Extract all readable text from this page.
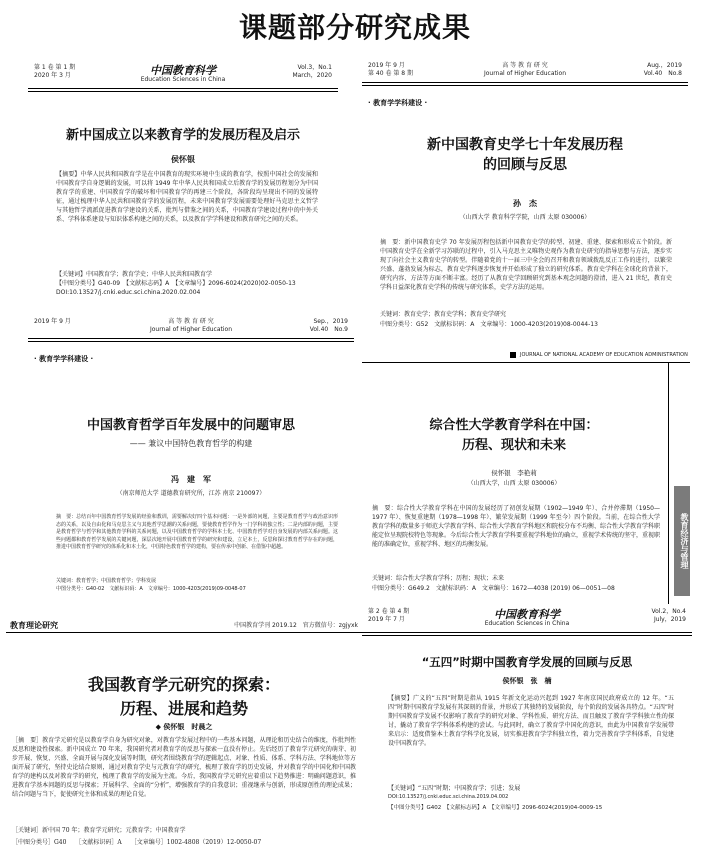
课题部分研究成果
第 1 卷 第 1 期
2020 年 3 月	中国教育科学
Education Sciences in China
Vol.3，No.1
March，2020
新中国成立以来教育学的发展历程及启示
侯怀银
【摘要】中华人民共和国教育学是在中国教育的现实环境中生成的教育学，按照中国社会的发展和中国教育学自身逻辑的发展，可以将 1949 年中华人民共和国成立后教育学的发展历程划分为中国教育学的重建、中国教育学的破坏和中国教育学的再建三个阶段，各阶段均呈现出不同的发展特征，通过梳理中华人民共和国教育学的发展历程，未来中国教育学发展需要处理好马克思主义哲学与其他哲学流派促进教育学建设的关系，批判与借鉴之间的关系，中国教育学建设过程中的中外关系、学科体系建设与知识体系构建之间的关系，以及教育学学科建设和教育研究之间的关系。
【关键词】中国教育学；教育学史；中华人民共和国教育学
【中图分类号】G40-09　【文献标志码】A　【文章编号】2096-6024(2020)02-0050-13
DOI:10.13527/j.cnki.educ.sci.china.2020.02.004
2019 年 9 月
第 40 卷 第 8 期
高 等 教 育 研 究
Journal of Higher Education
Aug.，2019
Vol.40　No.8
· 教育学学科建设 ·
新中国教育史学七十年发展历程
的回顾与反思
孙　杰
（山西大学 教育科学学院，山西 太原 030006）
摘　要：新中国教育史学 70 年发展历程包括新中国教育史学的转型、初建、重建、探索和形成五个阶段。新中国教育史学在全新学习苏联的过程中，引入马克思主义唯物史观作为教育史研究的指导思想与方法，逐步实现了向社会主义教育史学的转型。伴随着党的十一届三中全会的召开和教育领域拨乱反正工作的进行，以繁荣兴盛、蓬勃发展为标志，教育史学科逐步恢复并开始形成了独立的研究体系。教育史学科在全球化的背景下，研究内容、方法等方面不断丰富。经历了从教育史学回顾研究到基本观念问题的澄清，进入 21 世纪，教育史学科日益深化教育史学科的传统与研究体系，史学方法的运用。
关键词：教育史学；教育史学科；教育史学研究
中图分类号：G52　文献标识码：A　文章编号：1000-4203(2019)08-0044-13
2019 年 9 月	高 等 教 育 研 究
Journal of Higher Education
Sep.，2019
Vol.40　No.9
· 教育学学科建设 ·
中国教育哲学百年发展中的问题审思
—— 兼议中国特色教育哲学的构建
冯　建　军
（南京师范大学 道德教育研究所，江苏 南京 210097）
摘　要：总结百年中国教育哲学发展的经验和教训，需要解决好四个基本问题：一是外部的问题，主要是教育哲学与政治意识形态的关系，以及自由化和马克思主义与其他哲学思潮的关系问题，要使教育哲学作为一门学科的独立性；二是内部的问题，主要是教育哲学与哲学和其他教育学科的关系问题，以及中国教育哲学的学科本土化、中国教育哲学对自身发展的内部关系问题。这些问题都和教育哲学发展的关键问题，深层次地开展中国教育哲学的研究和建设，立足本土，反思和探讨教育哲学存在的问题，推进中国教育哲学研究的体系化和本土化，中国特色教育哲学的建构，要在传承中创新、在借鉴中超越。
关键词：教育哲学；中国教育哲学；学科发展
中图分类号：G40-02　文献标识码：A　文章编号：1000-4203(2019)09-0048-07
JOURNAL OF NATIONAL ACADEMY OF EDUCATION ADMINISTRATION
教育经济与管理
综合性大学教育学科在中国：
历程、现状和未来
侯怀银　李艳莉
（山西大学，山西 太原 030006）
摘　要：综合性大学教育学科在中国的发展经历了初创发展期（1902—1949 年）、合并停滞期（1950—1977 年）、恢复重建期（1978—1998 年）、繁荣发展期（1999 年至今）四个阶段。当前，在综合性大学教育学科的数量多于师范大学教育学科、综合性大学教育学科地区和院校分布不均衡、综合性大学教育学科职能定位呈现院校特色等现象。今后综合性大学教育学科要重视学科地位的确立，重视学术传统的坚守，重视职能的准确定位，重视学科、地区的均衡发展。
关键词：综合性大学教育学科；历程；现状；未来
中图分类号：G649.2　文献标识码：A　文章编号：1672—4038 (2019) 06—0051—08
教育理论研究	中国教育学刊 2019.12　官方微信号：zgjyxk
我国教育学元研究的探索：
历程、进展和趋势
◆ 侯怀银　时晨之
［摘　要］教育学元研究是以教育学自身为研究对象，对教育学发展过程中的一些基本问题，从理论和历史结合的维度，作批判性反思和建设性探索。新中国成立 70 年来，我国研究者对教育学的反思与探索一直没有停止。先后经历了教育学元研究的萌芽、初步开展、恢复、兴盛、全面开展与深化发展等时期，研究者围绕教育学的逻辑起点、对象、性质、体系、学科方法、学科地位等方面开展了研究，坚持史论结合原则，通过对教育学史与元教育学的研究，梳理了教育学的历史发展，并对教育学的中国化和中国教育学的建构以及对教育学的研究，梳理了教育学的发展为主流。今后，我国教育学元研究应着重以下趋势推进：明确问题意识，推进教育学基本问题的反思与探索；开展科学、全面的“分析”，增强教育学的自我意识；重视继承与创新，形成原创性的理论成果；结合问题与当下，促使研究主体和成果的理论自觉。
［关键词］新中国 70 年；教育学元研究；元教育学；中国教育学
［中图分类号］G40　　［文献标识码］A　　［文章编号］1002-4808（2019）12-0050-07
第 2 卷 第 4 期
2019 年 7 月	中国教育科学
Education Sciences in China
Vol.2，No.4
July，2019
“五四”时期中国教育学发展的回顾与反思
侯怀银　张　楠
【摘要】广义的“五四”时期是指从 1915 年新文化运动兴起到 1927 年南京国民政府成立的 12 年。“五四”时期中国教育学发展有其深刻的背景，并形成了其独特的发展阶段，每个阶段的发展各具特点。“五四”时期中国教育学发展不仅影响了教育学的研究对象、学科性质、研究方法、而且触及了教育学学科独立性的探讨，撬动了教育学学科体系构建的尝试。与此同时，确立了教育学中国化的意识，由此为中国教育学发展带来启示：适度借鉴本土教育学科学化发展，切实推进教育学学科独立性，着力完善教育学学科体系，自觉建设中国教育学。
【关键词】“五四”时期；中国教育学；引进；发展
DOI:10.13527/j.cnki.educ.sci.china.2019.04.002
【中图分类号】G402　【文献标志码】A　【文章编号】2096-6024(2019)04-0009-15
